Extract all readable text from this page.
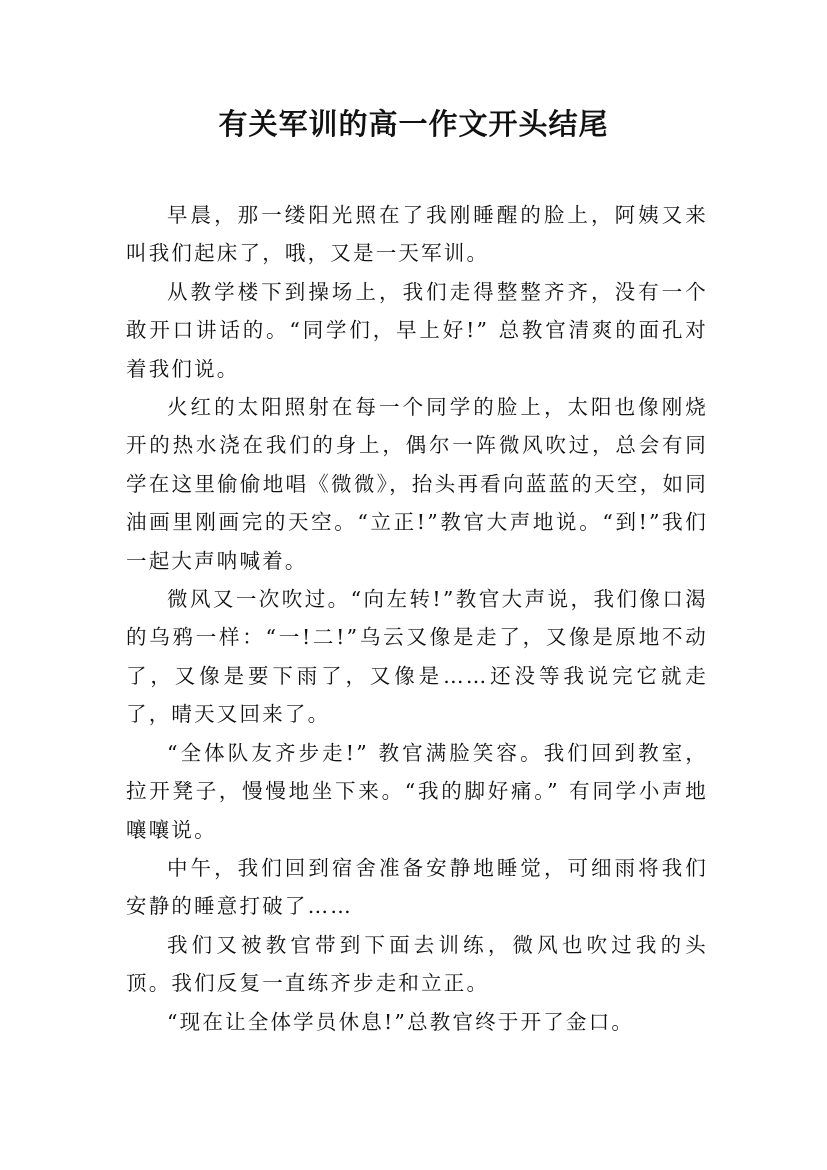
有关军训的高一作文开头结尾

早晨，那一缕阳光照在了我刚睡醒的脸上，阿姨又来叫我们起床了，哦，又是一天军训。

从教学楼下到操场上，我们走得整整齐齐，没有一个敢开口讲话的。“同学们，早上好!” 总教官清爽的面孔对着我们说。

火红的太阳照射在每一个同学的脸上，太阳也像刚烧开的热水浇在我们的身上，偶尔一阵微风吹过，总会有同学在这里偷偷地唱《微微》，抬头再看向蓝蓝的天空，如同油画里刚画完的天空。“立正!”教官大声地说。“到!”我们一起大声呐喊着。

微风又一次吹过。“向左转!”教官大声说，我们像口渴的乌鸦一样：“一!二!”乌云又像是走了，又像是原地不动了，又像是要下雨了，又像是……还没等我说完它就走了，晴天又回来了。

“全体队友齐步走!” 教官满脸笑容。我们回到教室，拉开凳子，慢慢地坐下来。“我的脚好痛。” 有同学小声地嚷嚷说。

中午，我们回到宿舍准备安静地睡觉，可细雨将我们安静的睡意打破了……

我们又被教官带到下面去训练，微风也吹过我的头顶。我们反复一直练齐步走和立正。

“现在让全体学员休息!”总教官终于开了金口。
